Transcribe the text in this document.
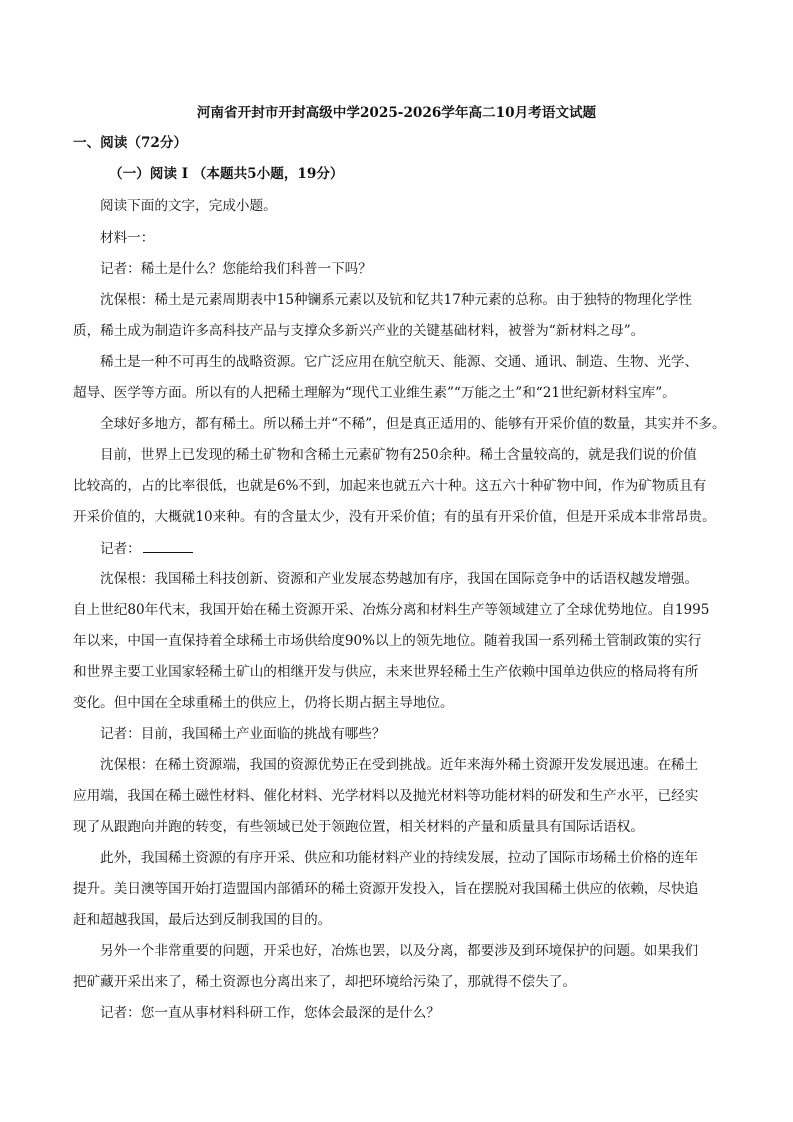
河南省开封市开封高级中学2025-2026学年高二10月考语文试题
一、阅读（72分）
（一）阅读 I （本题共5小题，19分）
阅读下面的文字，完成小题。
材料一：
记者：稀土是什么？您能给我们科普一下吗？
沈保根：稀土是元素周期表中15种镧系元素以及钪和钇共17种元素的总称。由于独特的物理化学性
质，稀土成为制造许多高科技产品与支撑众多新兴产业的关键基础材料，被誉为“新材料之母”。
稀土是一种不可再生的战略资源。它广泛应用在航空航天、能源、交通、通讯、制造、生物、光学、
超导、医学等方面。所以有的人把稀土理解为“现代工业维生素”“万能之土”和“21世纪新材料宝库”。
全球好多地方，都有稀土。所以稀土并“不稀”，但是真正适用的、能够有开采价值的数量，其实并不多。
目前，世界上已发现的稀土矿物和含稀土元素矿物有250余种。稀土含量较高的，就是我们说的价值
比较高的，占的比率很低，也就是6%不到，加起来也就五六十种。这五六十种矿物中间，作为矿物质且有
开采价值的，大概就10来种。有的含量太少，没有开采价值；有的虽有开采价值，但是开采成本非常昂贵。
记者：
沈保根：我国稀土科技创新、资源和产业发展态势越加有序，我国在国际竞争中的话语权越发增强。
自上世纪80年代末，我国开始在稀土资源开采、冶炼分离和材料生产等领域建立了全球优势地位。自1995
年以来，中国一直保持着全球稀土市场供给度90%以上的领先地位。随着我国一系列稀土管制政策的实行
和世界主要工业国家轻稀土矿山的相继开发与供应，未来世界轻稀土生产依赖中国单边供应的格局将有所
变化。但中国在全球重稀土的供应上，仍将长期占据主导地位。
记者：目前，我国稀土产业面临的挑战有哪些？
沈保根：在稀土资源端，我国的资源优势正在受到挑战。近年来海外稀土资源开发发展迅速。在稀土
应用端，我国在稀土磁性材料、催化材料、光学材料以及抛光材料等功能材料的研发和生产水平，已经实
现了从跟跑向并跑的转变，有些领域已处于领跑位置，相关材料的产量和质量具有国际话语权。
此外，我国稀土资源的有序开采、供应和功能材料产业的持续发展，拉动了国际市场稀土价格的连年
提升。美日澳等国开始打造盟国内部循环的稀土资源开发投入，旨在摆脱对我国稀土供应的依赖，尽快追
赶和超越我国，最后达到反制我国的目的。
另外一个非常重要的问题，开采也好，冶炼也罢，以及分离，都要涉及到环境保护的问题。如果我们
把矿藏开采出来了，稀土资源也分离出来了，却把环境给污染了，那就得不偿失了。
记者：您一直从事材料科研工作，您体会最深的是什么？
